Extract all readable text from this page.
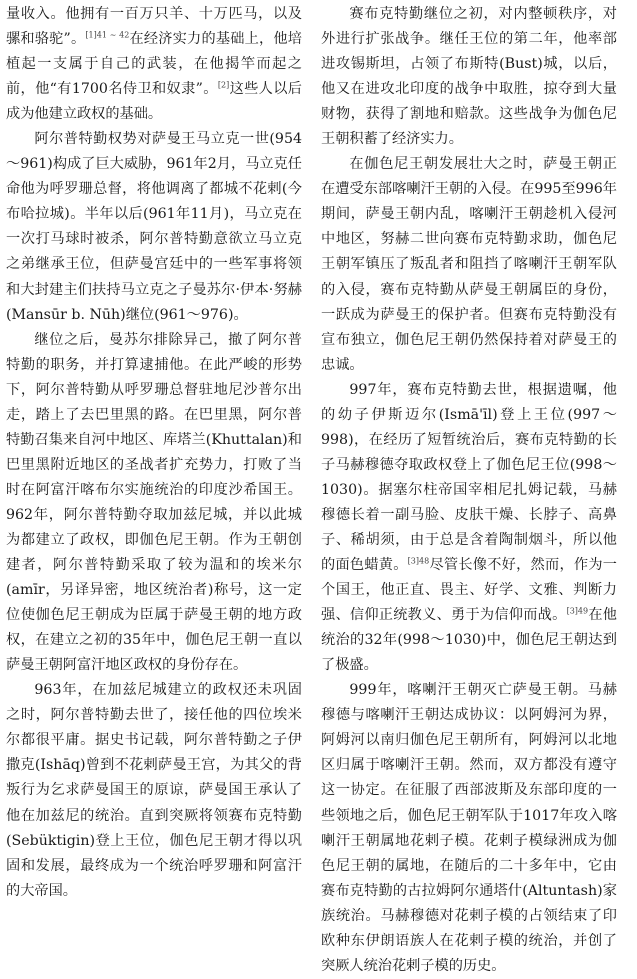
量收入。他拥有一百万只羊、十万匹马，以及骡和骆驼”。$^{[1]41 \sim 42}$在经济实力的基础上，他培植起一支属于自己的武装，在他揭竿而起之前，他“有1700名侍卫和奴隶”。[2]这些人以后成为他建立政权的基础。

阿尔普特勤权势对萨曼王马立克一世(954～961)构成了巨大威胁，961年2月，马立克任命他为呼罗珊总督，将他调离了都城不花剌(今布哈拉城)。半年以后(961年11月)，马立克在一次打马球时被杀，阿尔普特勤意欲立马立克之弟继承王位，但萨曼宫廷中的一些军事将领和大封建主们扶持马立克之子曼苏尔·伊本·努赫(Mansūr b. Nūh)继位(961～976)。

继位之后，曼苏尔排除异己，撤了阿尔普特勤的职务，并打算逮捕他。在此严峻的形势下，阿尔普特勤从呼罗珊总督驻地尼沙普尔出走，踏上了去巴里黑的路。在巴里黑，阿尔普特勤召集来自河中地区、库塔兰(Khuttalan)和巴里黑附近地区的圣战者扩充势力，打败了当时在阿富汗喀布尔实施统治的印度沙希国王。962年，阿尔普特勤夺取加兹尼城，并以此城为都建立了政权，即伽色尼王朝。作为王朝创建者，阿尔普特勤采取了较为温和的埃米尔(amīr，另译异密，地区统治者)称号，这一定位使伽色尼王朝成为臣属于萨曼王朝的地方政权，在建立之初的35年中，伽色尼王朝一直以萨曼王朝阿富汗地区政权的身份存在。

963年，在加兹尼城建立的政权还未巩固之时，阿尔普特勤去世了，接任他的四位埃米尔都很平庸。据史书记载，阿尔普特勤之子伊撒克(Ishāq)曾到不花剌萨曼王宫，为其父的背叛行为乞求萨曼国王的原谅，萨曼国王承认了他在加兹尼的统治。直到突厥将领赛布克特勤(Sebüktigin)登上王位，伽色尼王朝才得以巩固和发展，最终成为一个统治呼罗珊和阿富汗的大帝国。

赛布克特勤继位之初，对内整顿秩序，对外进行扩张战争。继任王位的第二年，他率部进攻锡斯坦，占领了布斯特(Bust)城，以后，他又在进攻北印度的战争中取胜，掠夺到大量财物，获得了割地和赔款。这些战争为伽色尼王朝积蓄了经济实力。

在伽色尼王朝发展壮大之时，萨曼王朝正在遭受东部喀喇汗王朝的入侵。在995至996年期间，萨曼王朝内乱，喀喇汗王朝趁机入侵河中地区，努赫二世向赛布克特勤求助，伽色尼王朝军镇压了叛乱者和阻挡了喀喇汗王朝军队的入侵，赛布克特勤从萨曼王朝属臣的身份，一跃成为萨曼王的保护者。但赛布克特勤没有宣布独立，伽色尼王朝仍然保持着对萨曼王的忠诚。

997年，赛布克特勤去世，根据遗嘱，他的幼子伊斯迈尔(Ismā'īl)登上王位(997～998)，在经历了短暂统治后，赛布克特勤的长子马赫穆德夺取政权登上了伽色尼王位(998～1030)。据塞尔柱帝国宰相尼扎姆记载，马赫穆德长着一副马脸、皮肤干燥、长脖子、高鼻子、稀胡须，由于总是含着陶制烟斗，所以他的面色蜡黄。$^{[3]48}$尽管长像不好，然而，作为一个国王，他正直、畏主、好学、文雅、判断力强、信仰正统教义、勇于为信仰而战。$^{[3]49}$在他统治的32年(998～1030)中，伽色尼王朝达到了极盛。

999年，喀喇汗王朝灭亡萨曼王朝。马赫穆德与喀喇汗王朝达成协议：以阿姆河为界，阿姆河以南归伽色尼王朝所有，阿姆河以北地区归属于喀喇汗王朝。然而，双方都没有遵守这一协定。在征服了西部波斯及东部印度的一些领地之后，伽色尼王朝军队于1017年攻入喀喇汗王朝属地花剌子模。花剌子模绿洲成为伽色尼王朝的属地，在随后的二十多年中，它由赛布克特勤的古拉姆阿尔通塔什(Altuntash)家族统治。马赫穆德对花剌子模的占领结束了印欧种东伊朗语族人在花剌子模的统治，并创了突厥人统治花剌子模的历史。
